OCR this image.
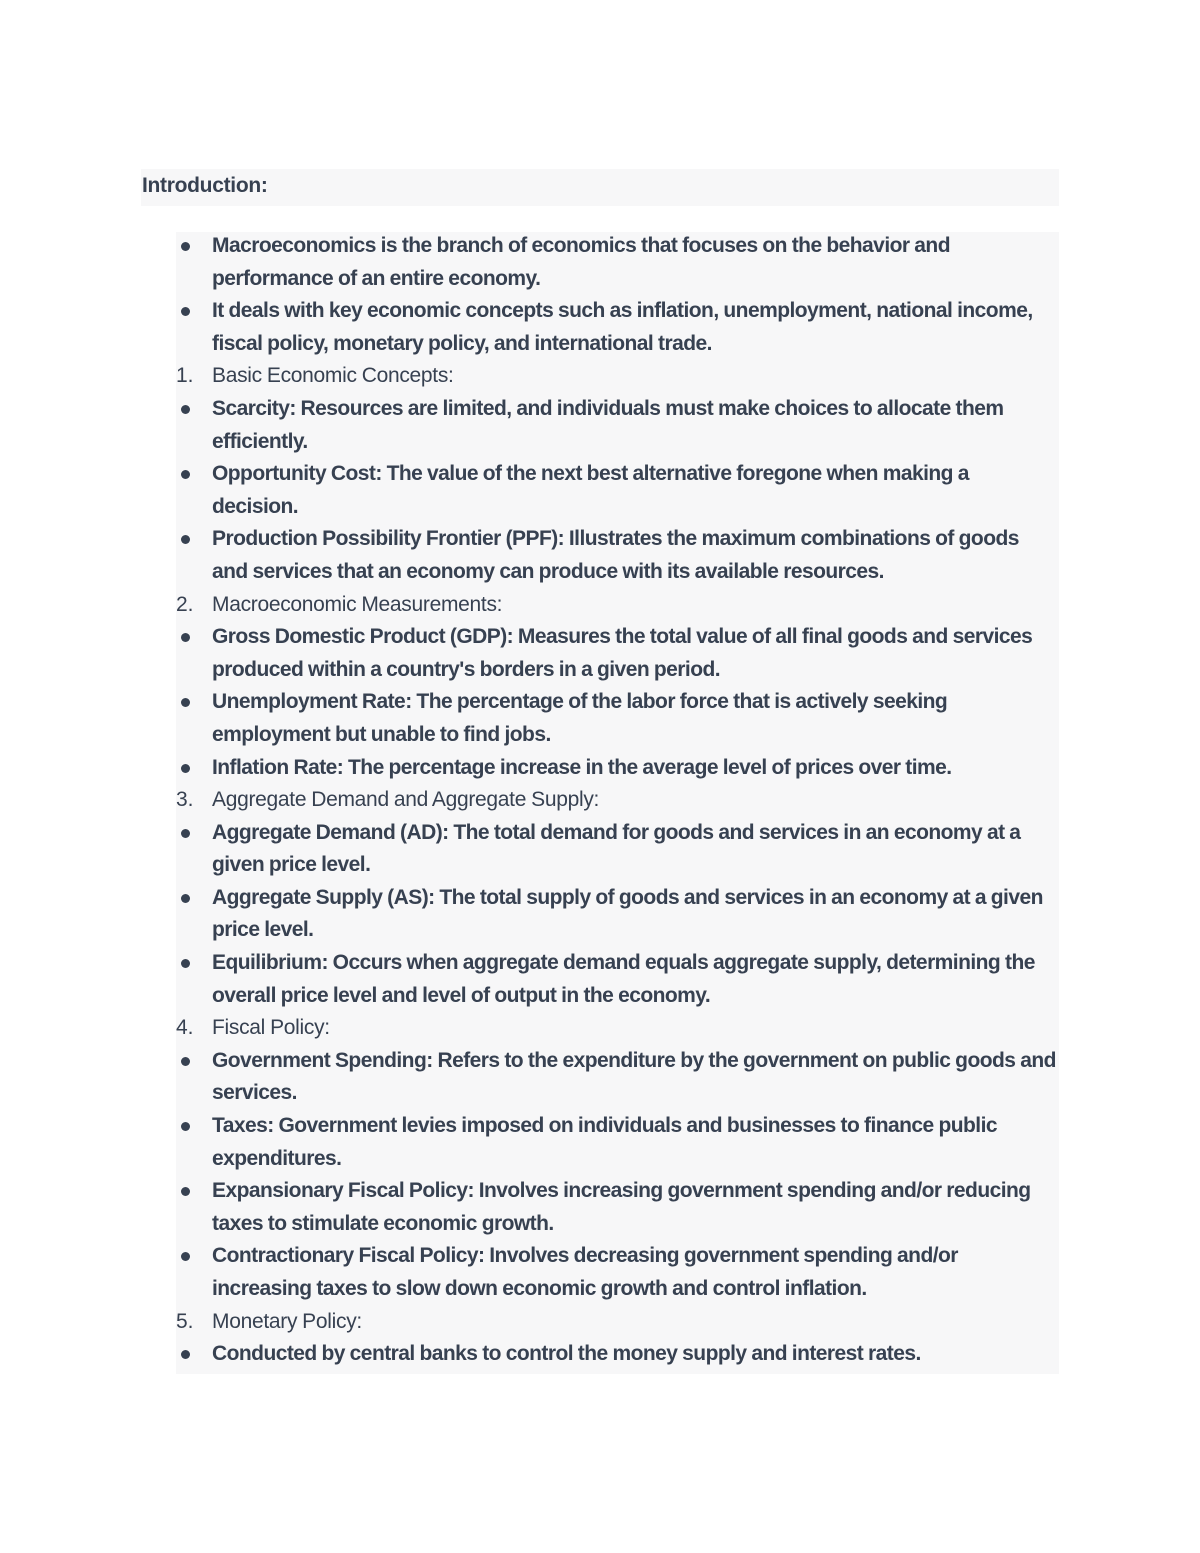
Introduction:
Macroeconomics is the branch of economics that focuses on the behavior and performance of an entire economy.
It deals with key economic concepts such as inflation, unemployment, national income, fiscal policy, monetary policy, and international trade.
1. Basic Economic Concepts:
Scarcity: Resources are limited, and individuals must make choices to allocate them efficiently.
Opportunity Cost: The value of the next best alternative foregone when making a decision.
Production Possibility Frontier (PPF): Illustrates the maximum combinations of goods and services that an economy can produce with its available resources.
2. Macroeconomic Measurements:
Gross Domestic Product (GDP): Measures the total value of all final goods and services produced within a country's borders in a given period.
Unemployment Rate: The percentage of the labor force that is actively seeking employment but unable to find jobs.
Inflation Rate: The percentage increase in the average level of prices over time.
3. Aggregate Demand and Aggregate Supply:
Aggregate Demand (AD): The total demand for goods and services in an economy at a given price level.
Aggregate Supply (AS): The total supply of goods and services in an economy at a given price level.
Equilibrium: Occurs when aggregate demand equals aggregate supply, determining the overall price level and level of output in the economy.
4. Fiscal Policy:
Government Spending: Refers to the expenditure by the government on public goods and services.
Taxes: Government levies imposed on individuals and businesses to finance public expenditures.
Expansionary Fiscal Policy: Involves increasing government spending and/or reducing taxes to stimulate economic growth.
Contractionary Fiscal Policy: Involves decreasing government spending and/or increasing taxes to slow down economic growth and control inflation.
5. Monetary Policy:
Conducted by central banks to control the money supply and interest rates.
